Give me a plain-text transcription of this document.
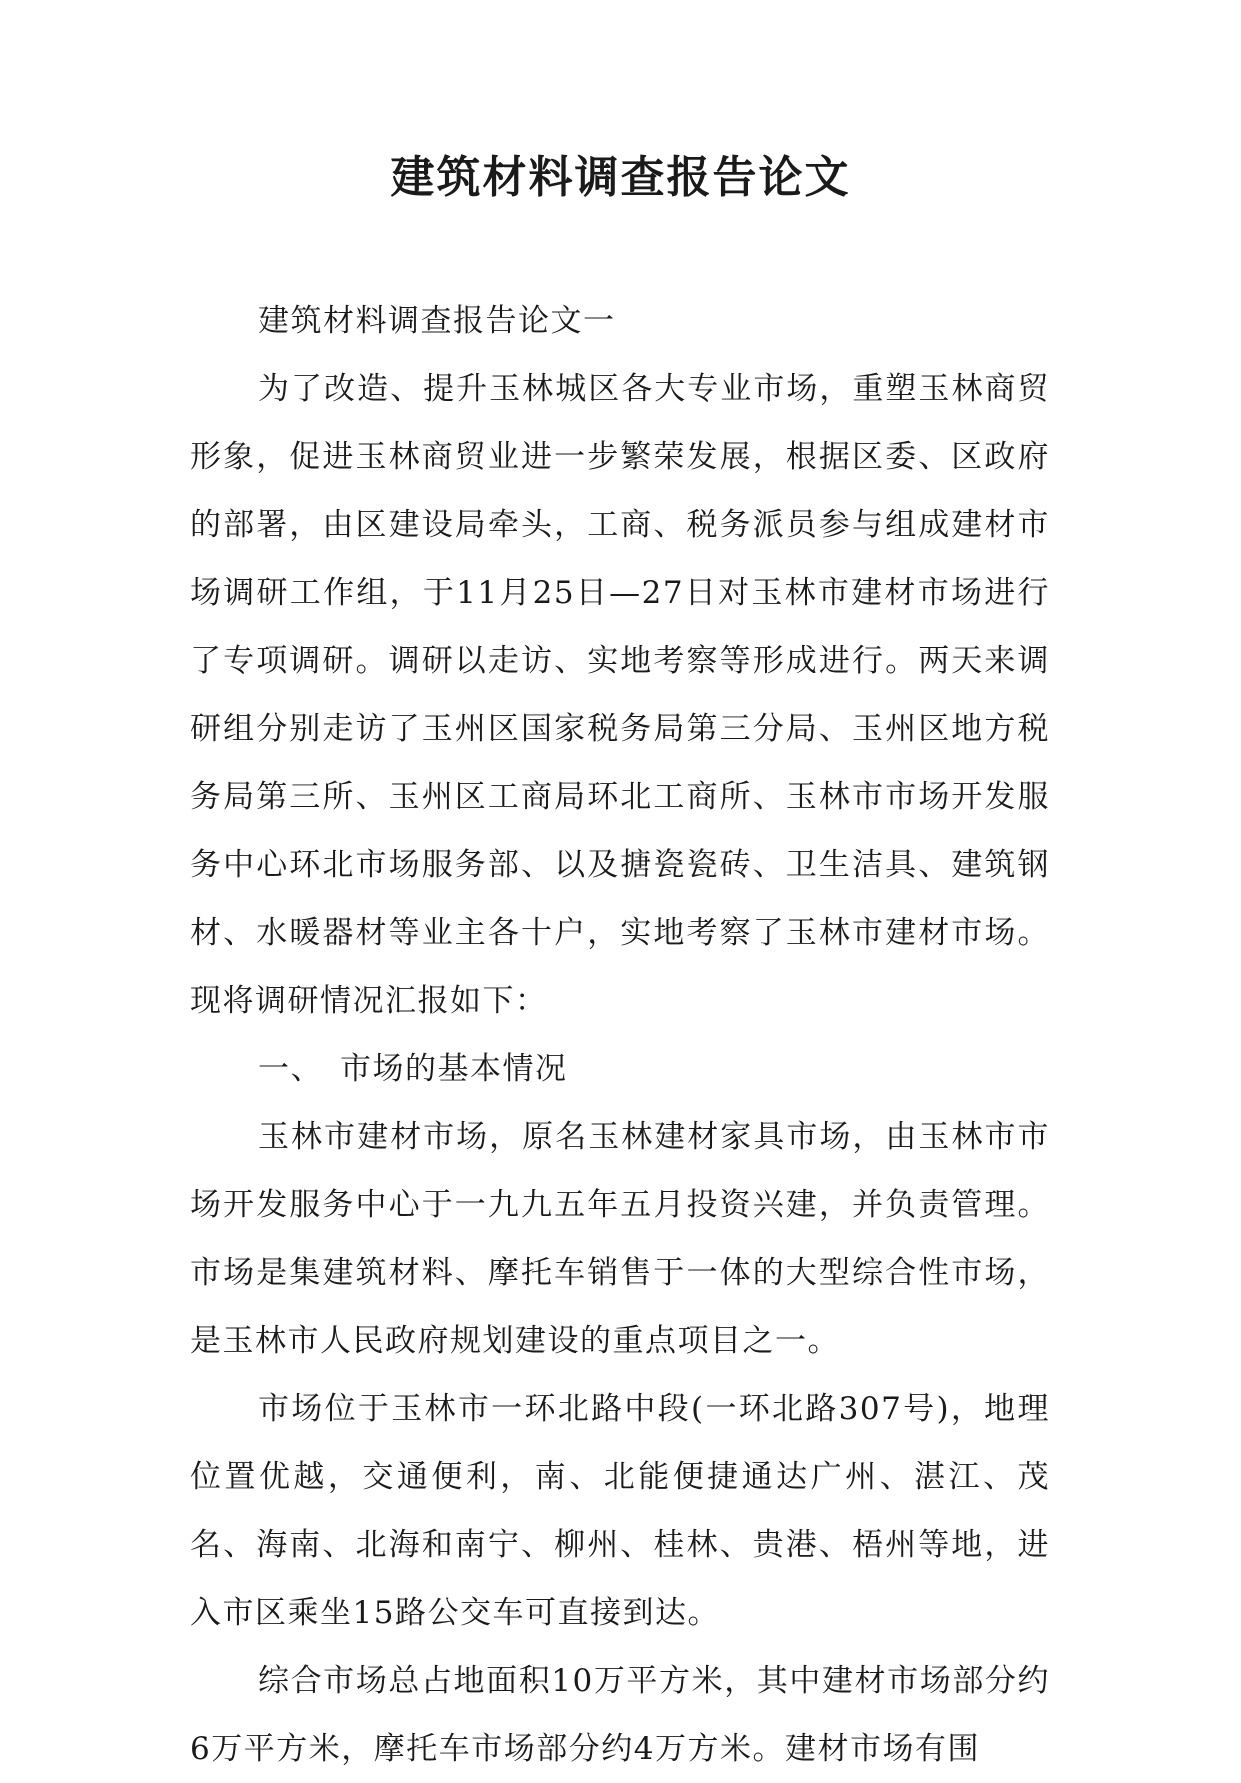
建筑材料调查报告论文

建筑材料调查报告论文一

为了改造、提升玉林城区各大专业市场，重塑玉林商贸形象，促进玉林商贸业进一步繁荣发展，根据区委、区政府的部署，由区建设局牵头，工商、税务派员参与组成建材市场调研工作组，于11月25日—27日对玉林市建材市场进行了专项调研。调研以走访、实地考察等形成进行。两天来调研组分别走访了玉州区国家税务局第三分局、玉州区地方税务局第三所、玉州区工商局环北工商所、玉林市市场开发服务中心环北市场服务部、以及搪瓷瓷砖、卫生洁具、建筑钢材、水暖器材等业主各十户，实地考察了玉林市建材市场。现将调研情况汇报如下：

一、　市场的基本情况

玉林市建材市场，原名玉林建材家具市场，由玉林市市场开发服务中心于一九九五年五月投资兴建，并负责管理。市场是集建筑材料、摩托车销售于一体的大型综合性市场，是玉林市人民政府规划建设的重点项目之一。

市场位于玉林市一环北路中段(一环北路307号)，地理位置优越，交通便利，南、北能便捷通达广州、湛江、茂名、海南、北海和南宁、柳州、桂林、贵港、梧州等地，进入市区乘坐15路公交车可直接到达。

综合市场总占地面积10万平方米，其中建材市场部分约6万平方米，摩托车市场部分约4万方米。建材市场有围
